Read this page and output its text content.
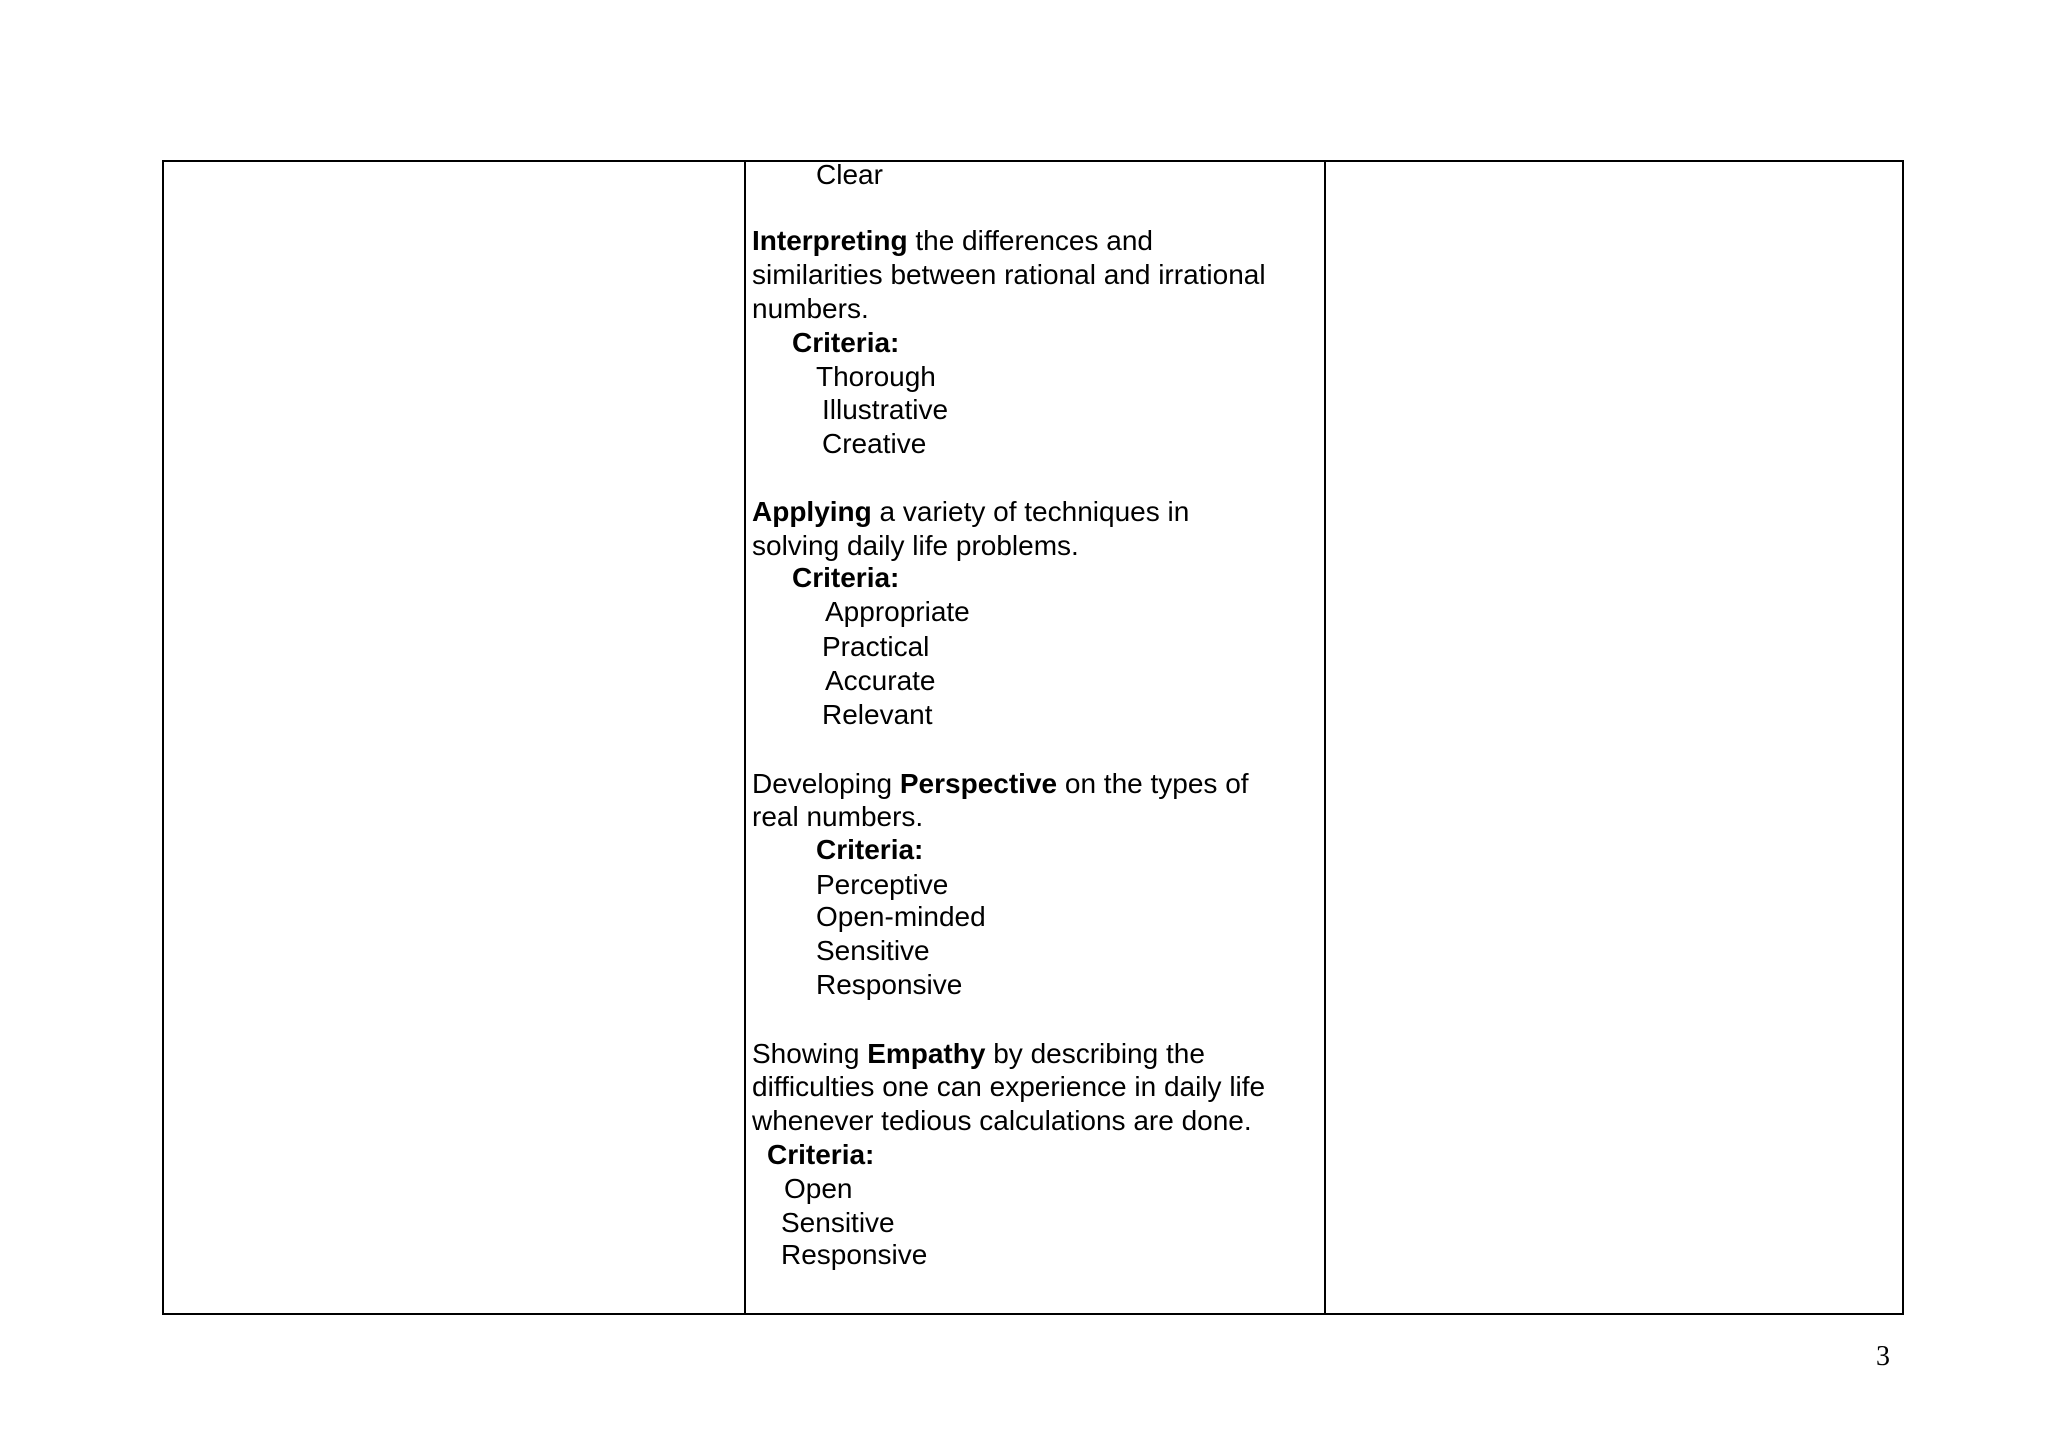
Clear

Interpreting the differences and

similarities between rational and irrational

numbers.

Criteria:

Thorough

Illustrative

Creative

Applying a variety of techniques in

solving daily life problems.

Criteria:

Appropriate

Practical

Accurate

Relevant

Developing Perspective on the types of

real numbers.

Criteria:

Perceptive

Open-minded

Sensitive

Responsive

Showing Empathy by describing the

difficulties one can experience in daily life

whenever tedious calculations are done.

Criteria:

Open

Sensitive

Responsive

3
